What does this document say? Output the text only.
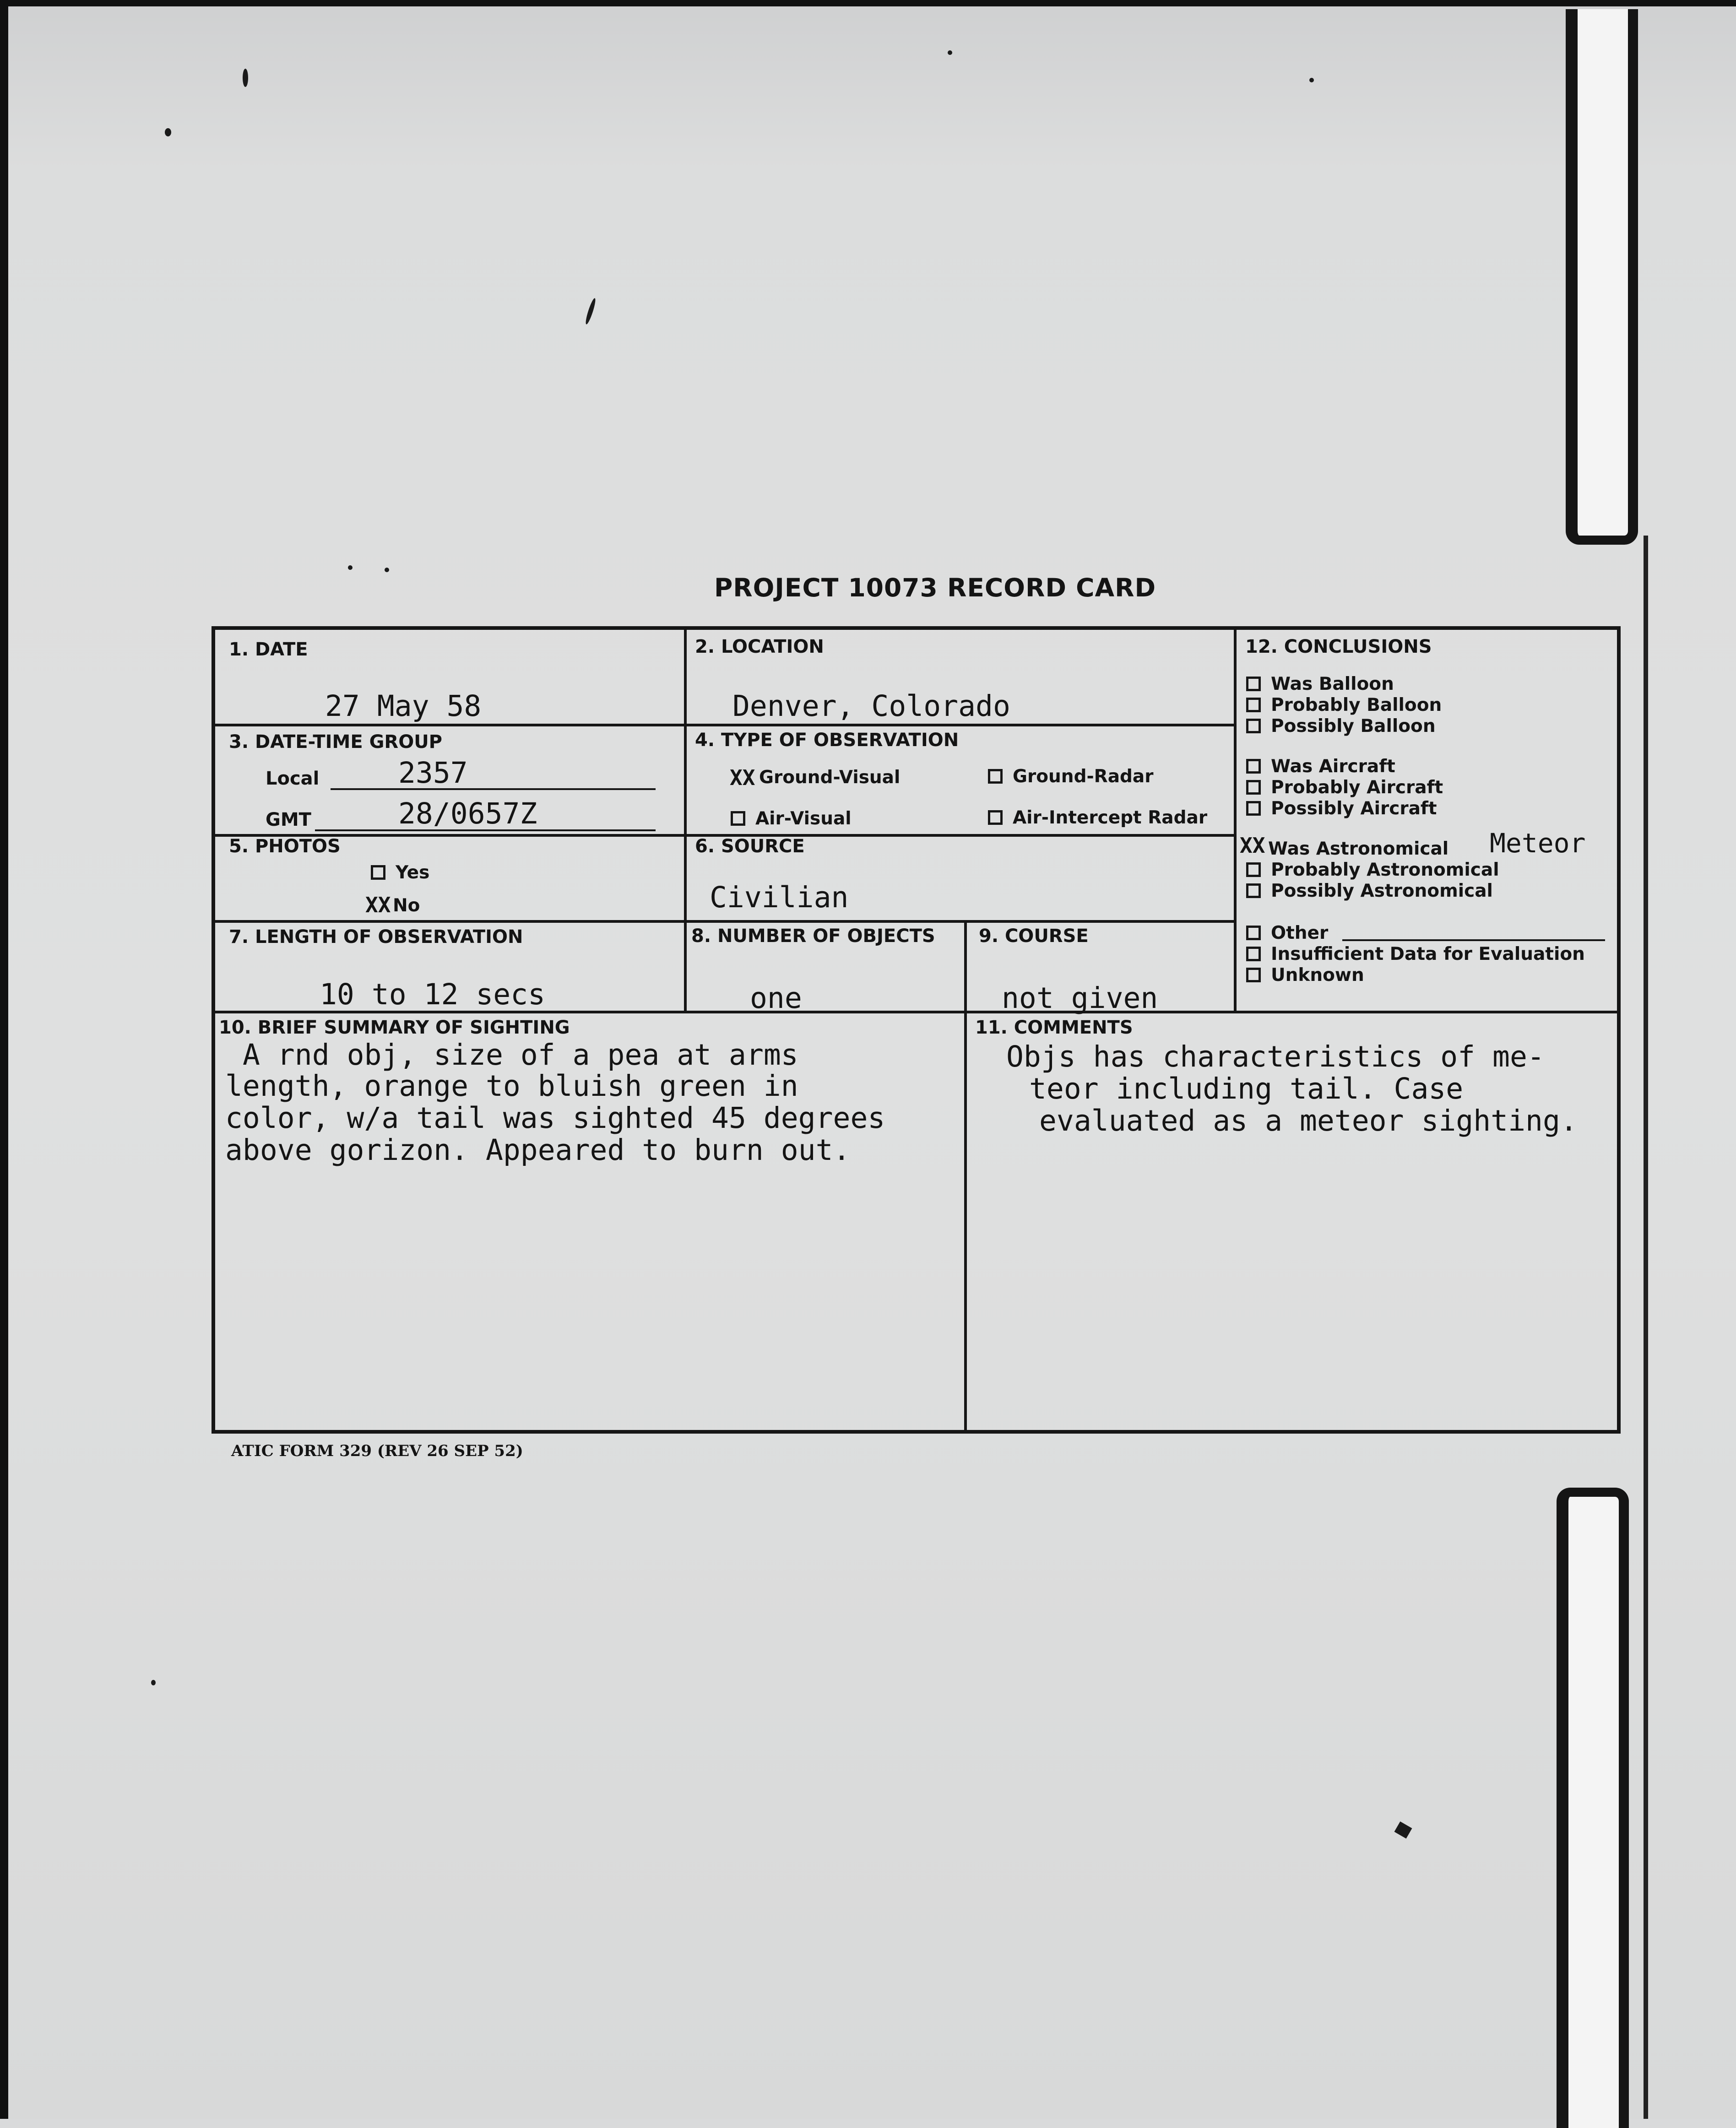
PROJECT 10073 RECORD CARD
1. DATE
27 May 58
2. LOCATION
Denver, Colorado
3. DATE-TIME GROUP
Local	2357
GMT	28/0657Z
4. TYPE OF OBSERVATION
XX Ground-Visual	Ground-Radar
Air-Visual	Air-Intercept Radar
5. PHOTOS
Yes
XX No
6. SOURCE
Civilian
7. LENGTH OF OBSERVATION
10 to 12 secs
8. NUMBER OF OBJECTS
one
9. COURSE
not given
10. BRIEF SUMMARY OF SIGHTING
A rnd obj, size of a pea at arms
length, orange to bluish green in
color, w/a tail was sighted 45 degrees
above gorizon. Appeared to burn out.
11. COMMENTS
Objs has characteristics of me-
teor including tail. Case
evaluated as a meteor sighting.
12. CONCLUSIONS
Was Balloon
Probably Balloon
Possibly Balloon
Was Aircraft
Probably Aircraft
Possibly Aircraft
XX Was Astronomical Meteor
Probably Astronomical
Possibly Astronomical
Other
Insufficient Data for Evaluation
Unknown
ATIC FORM 329 (REV 26 SEP 52)
